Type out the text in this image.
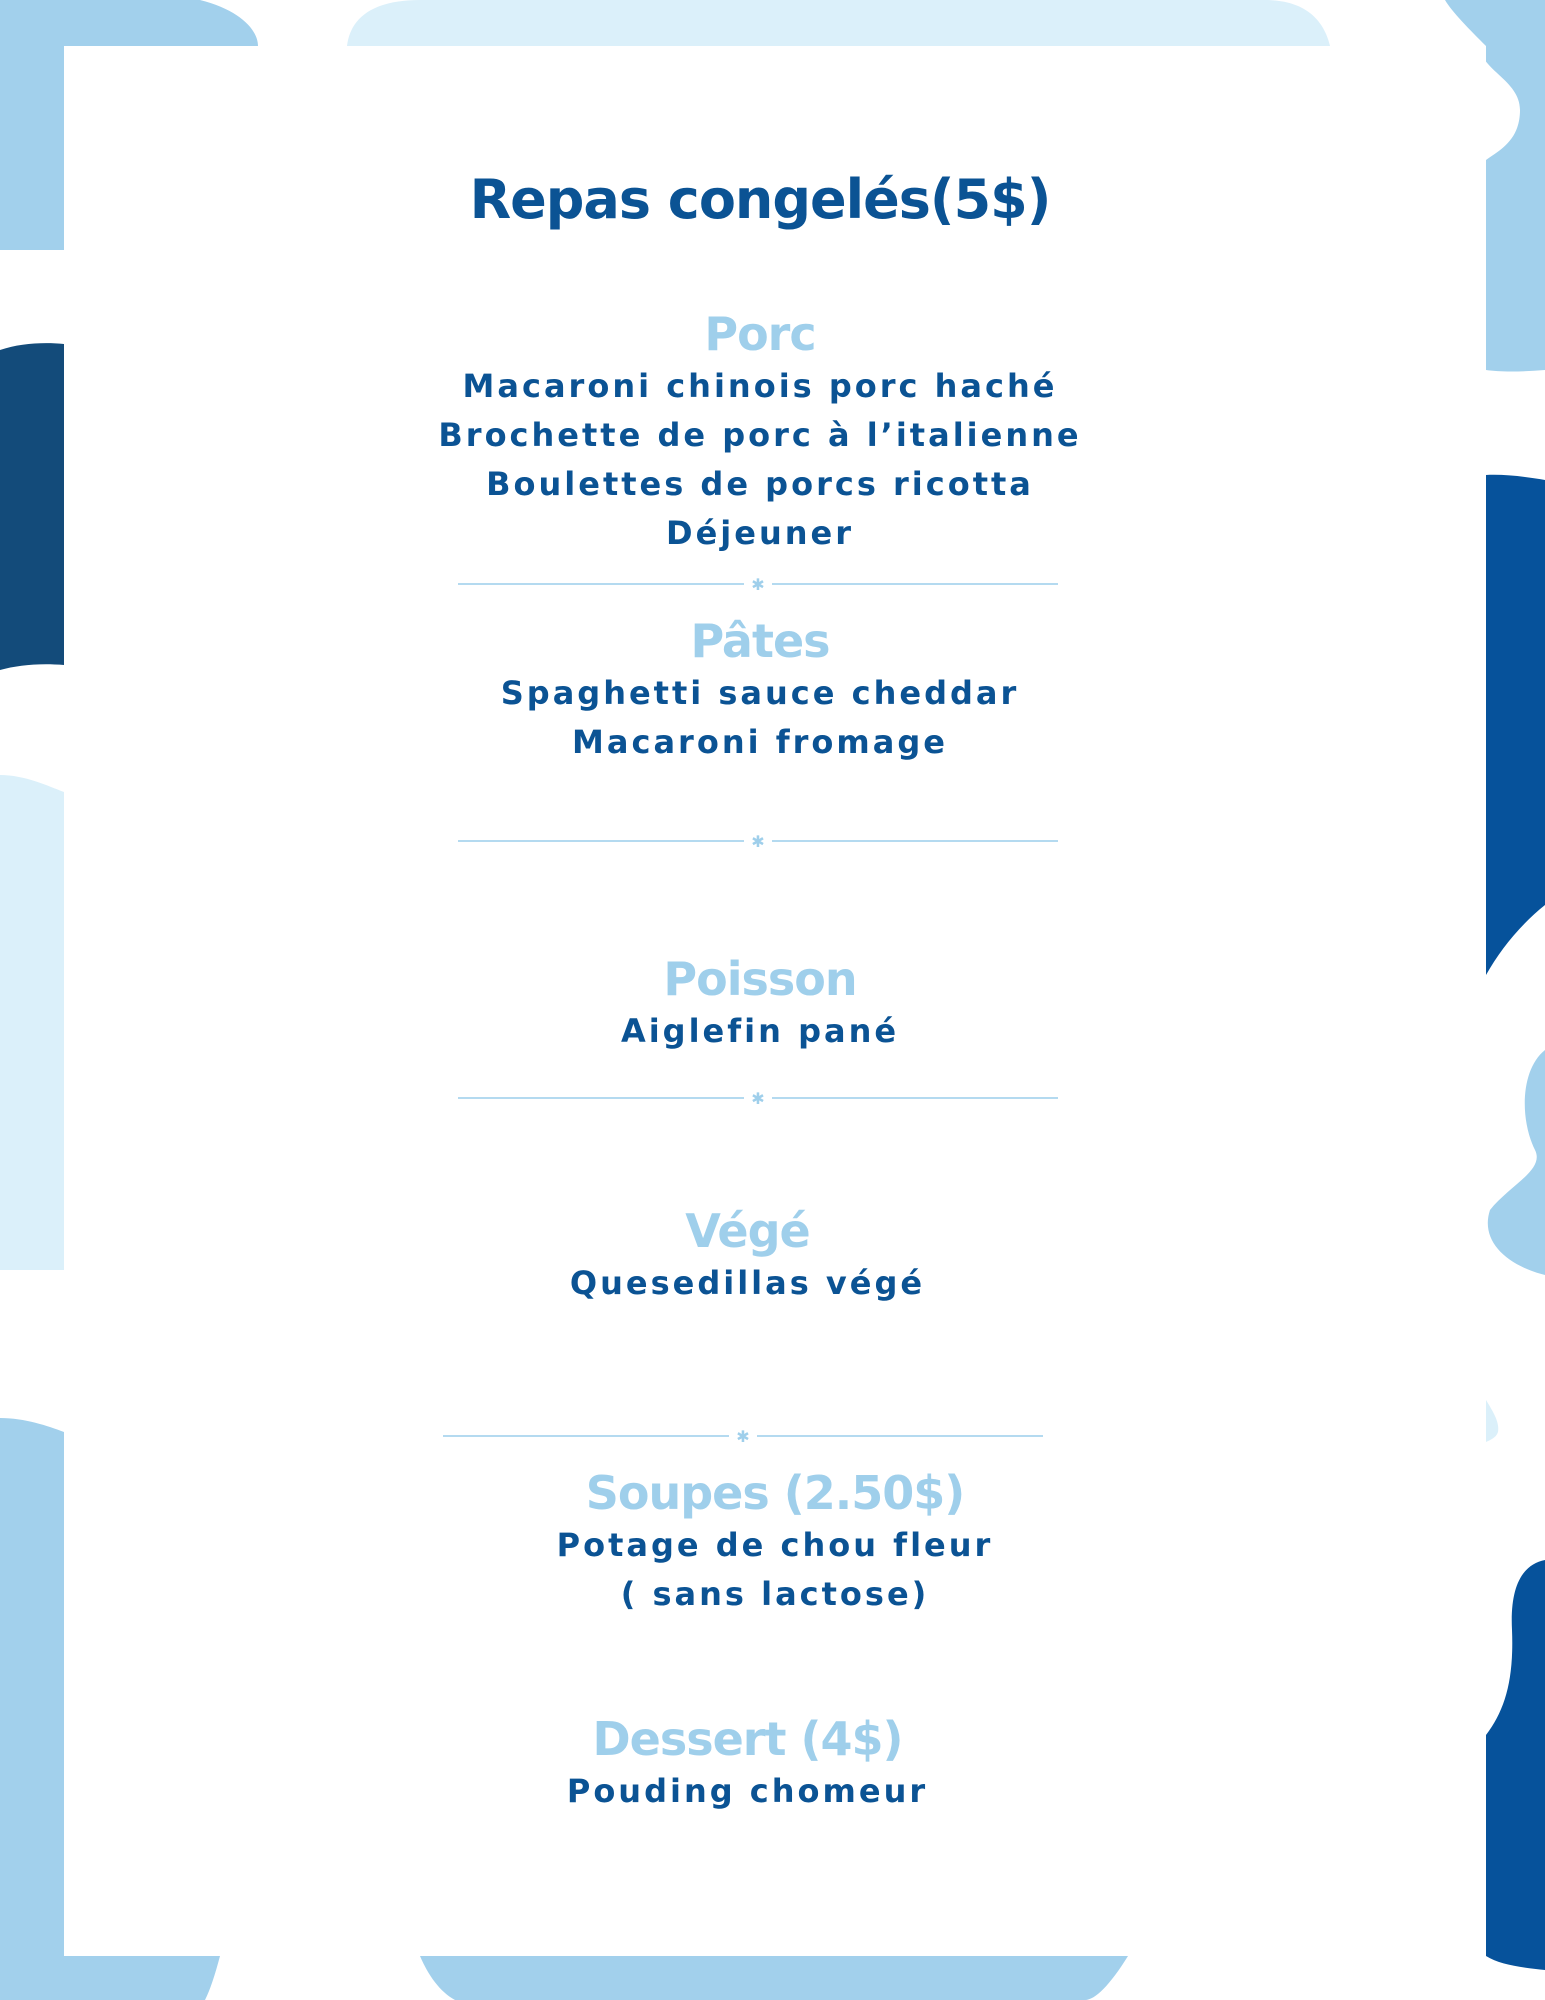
Repas congelés(5$)

Porc

Macaroni chinois porc haché

Brochette de porc à l’italienne

Boulettes de porcs ricotta

Déjeuner

✱

Pâtes

Spaghetti sauce cheddar

Macaroni fromage

✱

Poisson

Aiglefin pané

✱

Végé

Quesedillas végé

✱

Soupes (2.50$)

Potage de chou fleur

( sans lactose)

Dessert (4$)

Pouding chomeur
